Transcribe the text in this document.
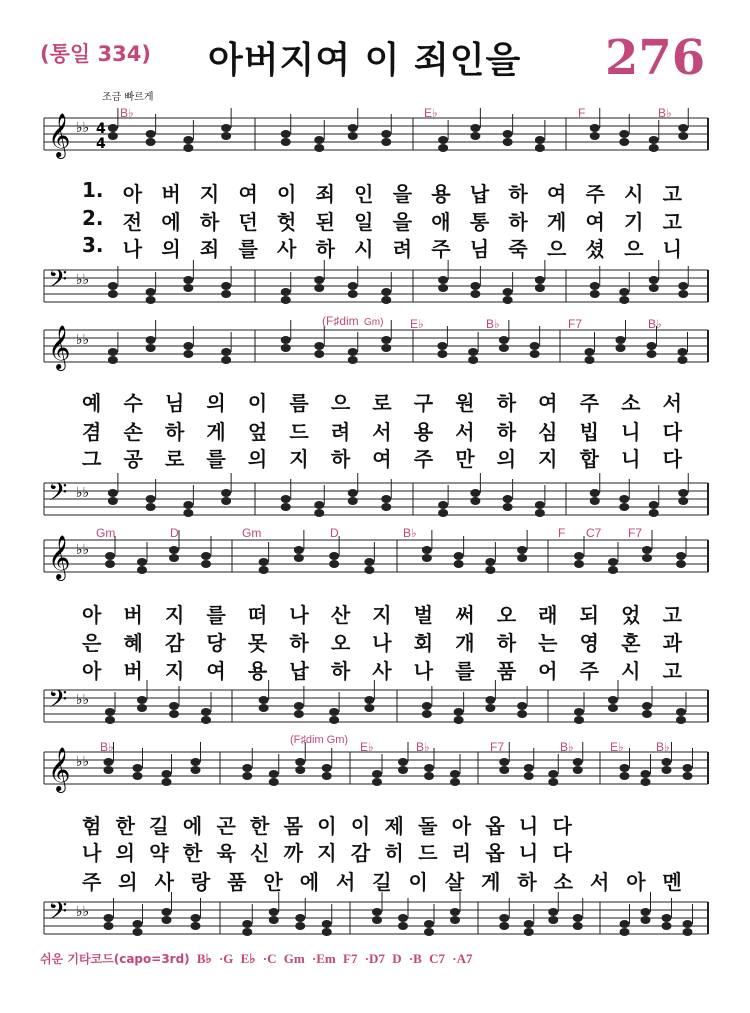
(통일 334) 아버지여 이 죄인을 276
조금 빠르게
𝄞 ♭♭
𝄢 ♭♭
𝄞 ♭♭
𝄢 ♭♭
𝄞 ♭♭
𝄢 ♭♭
𝄞 ♭♭
𝄢 ♭♭
4
4
B♭	E♭	F	B♭
(F♯dim Gm) E♭	B♭	F7	B♭
Gm	D	Gm	D	B♭	F C7 F7
B♭	(F♯dim Gm) E♭	B♭	F7	B♭	E♭	B♭
1. 아 버 지 여 이 죄 인 을 용 납 하 여 주 시 고
2. 전 에 하 던 헛 된 일 을 애 통 하 게 여 기 고
3. 나 의 죄 를 사 하 시 려 주 님 죽 으 셨 으 니
예 수 님 의 이 름 으 로 구 원 하 여 주 소 서
겸 손 하 게 엎 드 려 서 용 서 하 심 빕 니 다
그 공 로 를 의 지 하 여 주 만 의 지 합 니 다
아 버 지 를 떠 나 산 지 벌 써 오 래 되 었 고
은 혜 감 당 못 하 오 나 회 개 하 는 영 혼 과
아 버 지 여 용 납 하 사 나 를 품 어 주 시 고
험 한 길 에 곤 한 몸 이 이 제 돌 아 옵 니 다
나 의 약 한 육 신 까 지 감 히 드 리 옵 니 다
주 의 사 랑 품 안 에 서 길 이 살 게 하 소 서 아 멘
쉬운 기타코드(capo=3rd) B♭ ·G E♭ ·C Gm ·Em F7 ·D7 D ·B C7 ·A7
